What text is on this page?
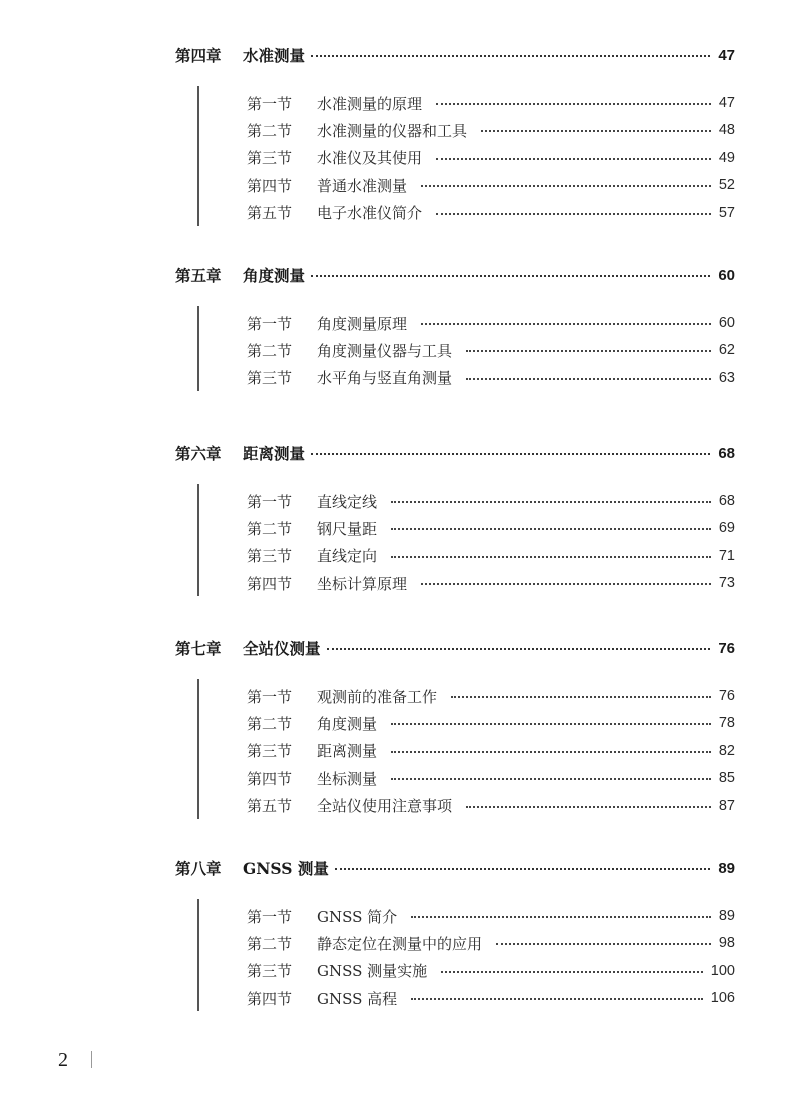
2
第四章	水准测量	47
第一节	水准测量的原理	47
第二节	水准测量的仪器和工具	48
第三节	水准仪及其使用	49
第四节	普通水准测量	52
第五节	电子水准仪简介	57
第五章	角度测量	60
第一节	角度测量原理	60
第二节	角度测量仪器与工具	62
第三节	水平角与竖直角测量	63
第六章	距离测量	68
第一节	直线定线	68
第二节	钢尺量距	69
第三节	直线定向	71
第四节	坐标计算原理	73
第七章	全站仪测量	76
第一节	观测前的准备工作	76
第二节	角度测量	78
第三节	距离测量	82
第四节	坐标测量	85
第五节	全站仪使用注意事项	87
第八章	GNSS 测量	89
第一节	GNSS 简介	89
第二节	静态定位在测量中的应用	98
第三节	GNSS 测量实施	100
第四节	GNSS 高程	106
